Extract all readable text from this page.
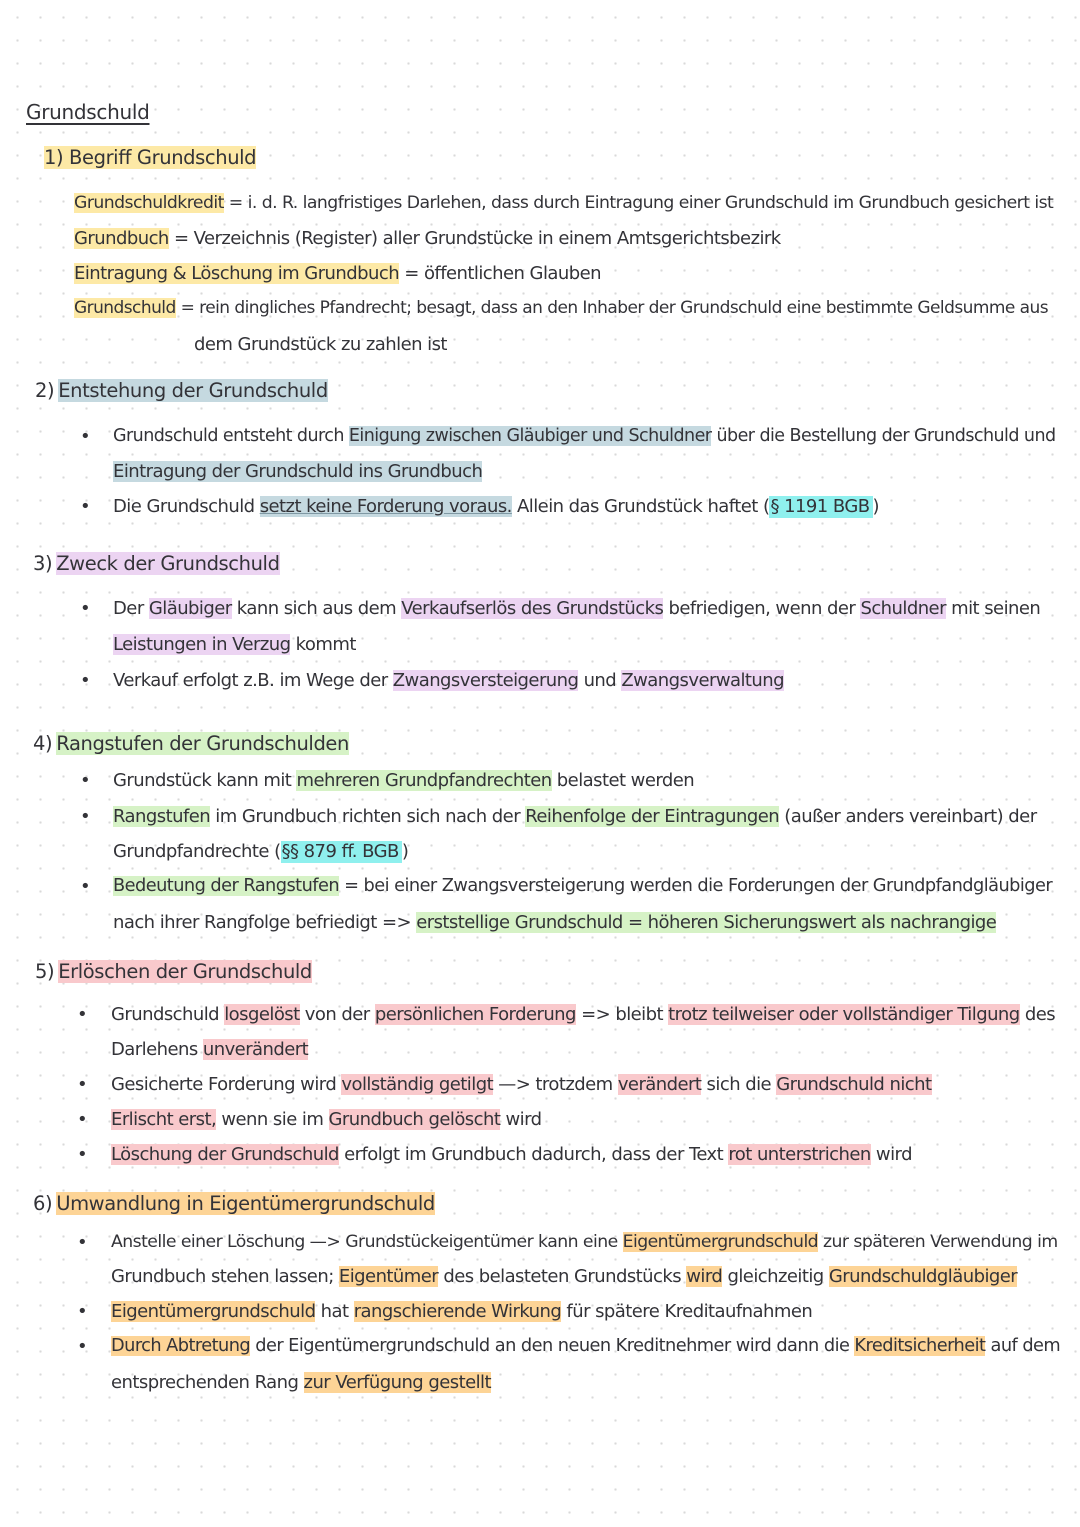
Grundschuld
1) Begriff Grundschuld
Grundschuldkredit = i. d. R. langfristiges Darlehen, dass durch Eintragung einer Grundschuld im Grundbuch gesichert ist
Grundbuch = Verzeichnis (Register) aller Grundstücke in einem Amtsgerichtsbezirk
Eintragung & Löschung im Grundbuch = öffentlichen Glauben
Grundschuld = rein dingliches Pfandrecht; besagt, dass an den Inhaber der Grundschuld eine bestimmte Geldsumme aus
dem Grundstück zu zahlen ist
2) Entstehung der Grundschuld
• Grundschuld entsteht durch Einigung zwischen Gläubiger und Schuldner über die Bestellung der Grundschuld und
Eintragung der Grundschuld ins Grundbuch
• Die Grundschuld setzt keine Forderung voraus. Allein das Grundstück haftet (§ 1191 BGB )
3) Zweck der Grundschuld
• Der Gläubiger kann sich aus dem Verkaufserlös des Grundstücks befriedigen, wenn der Schuldner mit seinen
Leistungen in Verzug kommt
• Verkauf erfolgt z.B. im Wege der Zwangsversteigerung und Zwangsverwaltung
4) Rangstufen der Grundschulden
• Grundstück kann mit mehreren Grundpfandrechten belastet werden
• Rangstufen im Grundbuch richten sich nach der Reihenfolge der Eintragungen (außer anders vereinbart) der
Grundpfandrechte (§§ 879 ff. BGB )
• Bedeutung der Rangstufen = bei einer Zwangsversteigerung werden die Forderungen der Grundpfandgläubiger
nach ihrer Rangfolge befriedigt => erststellige Grundschuld = höheren Sicherungswert als nachrangige
5) Erlöschen der Grundschuld
• Grundschuld losgelöst von der persönlichen Forderung => bleibt trotz teilweiser oder vollständiger Tilgung des
Darlehens unverändert
• Gesicherte Forderung wird vollständig getilgt —> trotzdem verändert sich die Grundschuld nicht
• Erlischt erst, wenn sie im Grundbuch gelöscht wird
• Löschung der Grundschuld erfolgt im Grundbuch dadurch, dass der Text rot unterstrichen wird
6) Umwandlung in Eigentümergrundschuld
• Anstelle einer Löschung —> Grundstückeigentümer kann eine Eigentümergrundschuld zur späteren Verwendung im
Grundbuch stehen lassen; Eigentümer des belasteten Grundstücks wird gleichzeitig Grundschuldgläubiger
• Eigentümergrundschuld hat rangschierende Wirkung für spätere Kreditaufnahmen
• Durch Abtretung der Eigentümergrundschuld an den neuen Kreditnehmer wird dann die Kreditsicherheit auf dem
entsprechenden Rang zur Verfügung gestellt
